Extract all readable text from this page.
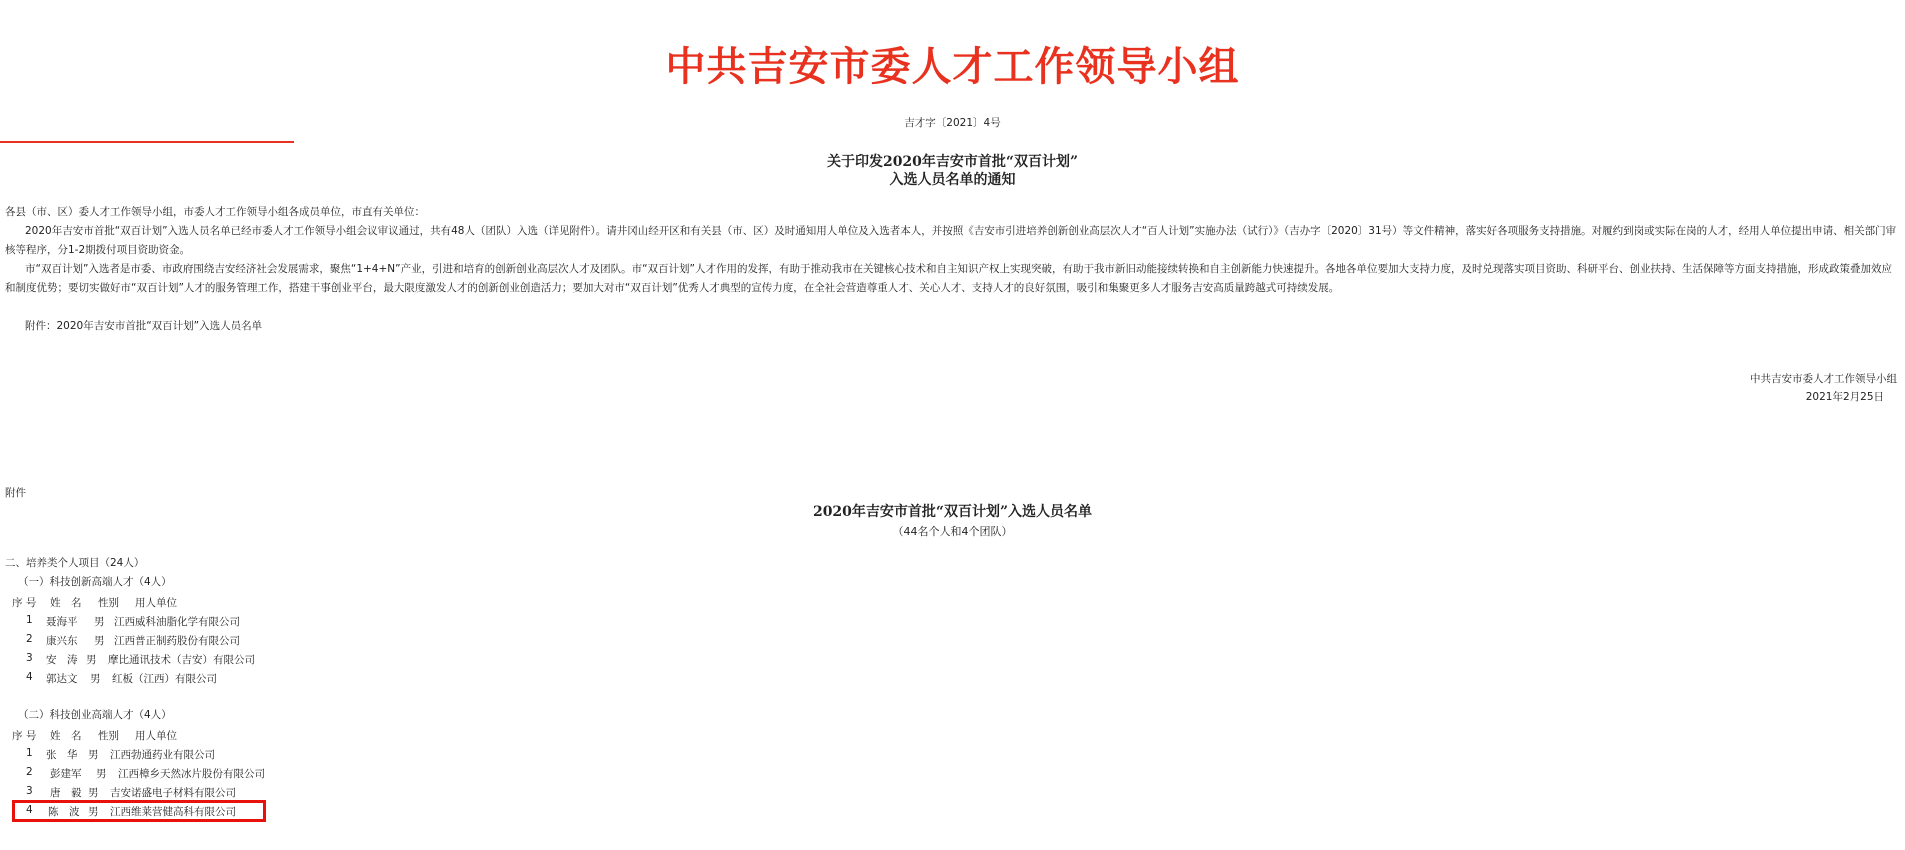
中共吉安市委人才工作领导小组
吉才字〔2021〕4号
关于印发2020年吉安市首批“双百计划”
入选人员名单的通知
各县（市、区）委人才工作领导小组，市委人才工作领导小组各成员单位，市直有关单位：
2020年吉安市首批“双百计划”入选人员名单已经市委人才工作领导小组会议审议通过，共有48人（团队）入选（详见附件）。请井冈山经开区和有关县（市、区）及时通知用人单位及入选者本人，并按照《吉安市引进培养创新创业高层次人才“百人计划”实施办法（试行）》（吉办字〔2020〕31号）等文件精神，落实好各项服务支持措施。对履约到岗或实际在岗的人才，经用人单位提出申请、相关部门审核等程序，分1-2期拨付项目资助资金。
市“双百计划”入选者是市委、市政府围绕吉安经济社会发展需求，聚焦“1+4+N”产业，引进和培育的创新创业高层次人才及团队。市“双百计划”人才作用的发挥，有助于推动我市在关键核心技术和自主知识产权上实现突破，有助于我市新旧动能接续转换和自主创新能力快速提升。各地各单位要加大支持力度，及时兑现落实项目资助、科研平台、创业扶持、生活保障等方面支持措施，形成政策叠加效应和制度优势；要切实做好市“双百计划”人才的服务管理工作，搭建干事创业平台，最大限度激发人才的创新创业创造活力；要加大对市“双百计划”优秀人才典型的宣传力度，在全社会营造尊重人才、关心人才、支持人才的良好氛围，吸引和集聚更多人才服务吉安高质量跨越式可持续发展。
附件：2020年吉安市首批“双百计划”入选人员名单
中共吉安市委人才工作领导小组
2021年2月25日
附件
2020年吉安市首批“双百计划”入选人员名单
（44名个人和4个团队）
二、培养类个人项目（24人）
（一）科技创新高端人才（4人）
序 号 姓　名 性别 用人单位
1 聂海平 男 江西威科油脂化学有限公司
2 康兴东 男 江西普正制药股份有限公司
3 安　涛 男 摩比通讯技术（吉安）有限公司
4 郭达文 男 红板（江西）有限公司
（二）科技创业高端人才（4人）
序 号 姓　名 性别 用人单位
1 张　华 男 江西勃通药业有限公司
2 彭建军 男 江西樟乡天然冰片股份有限公司
3 唐　毅 男 吉安诺盛电子材料有限公司
4 陈　波 男 江西维莱营健高科有限公司
